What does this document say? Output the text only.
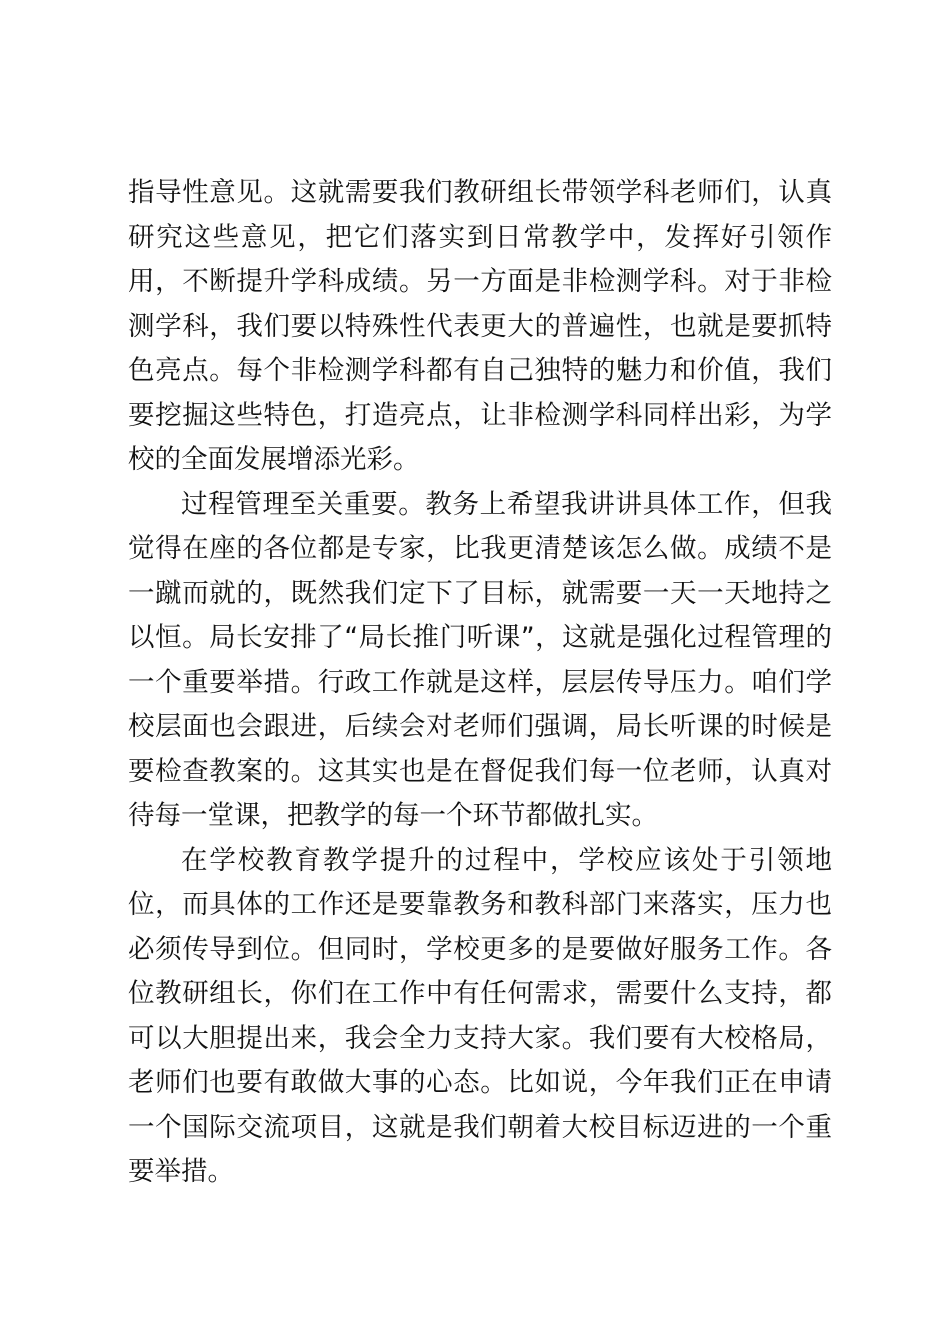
指导性意见。这就需要我们教研组长带领学科老师们，认真研究这些意见，把它们落实到日常教学中，发挥好引领作用，不断提升学科成绩。另一方面是非检测学科。对于非检测学科，我们要以特殊性代表更大的普遍性，也就是要抓特色亮点。每个非检测学科都有自己独特的魅力和价值，我们要挖掘这些特色，打造亮点，让非检测学科同样出彩，为学校的全面发展增添光彩。

过程管理至关重要。教务上希望我讲讲具体工作，但我觉得在座的各位都是专家，比我更清楚该怎么做。成绩不是一蹴而就的，既然我们定下了目标，就需要一天一天地持之以恒。局长安排了“局长推门听课”，这就是强化过程管理的一个重要举措。行政工作就是这样，层层传导压力。咱们学校层面也会跟进，后续会对老师们强调，局长听课的时候是要检查教案的。这其实也是在督促我们每一位老师，认真对待每一堂课，把教学的每一个环节都做扎实。

在学校教育教学提升的过程中，学校应该处于引领地位，而具体的工作还是要靠教务和教科部门来落实，压力也必须传导到位。但同时，学校更多的是要做好服务工作。各位教研组长，你们在工作中有任何需求，需要什么支持，都可以大胆提出来，我会全力支持大家。我们要有大校格局，老师们也要有敢做大事的心态。比如说，今年我们正在申请一个国际交流项目，这就是我们朝着大校目标迈进的一个重要举措。
